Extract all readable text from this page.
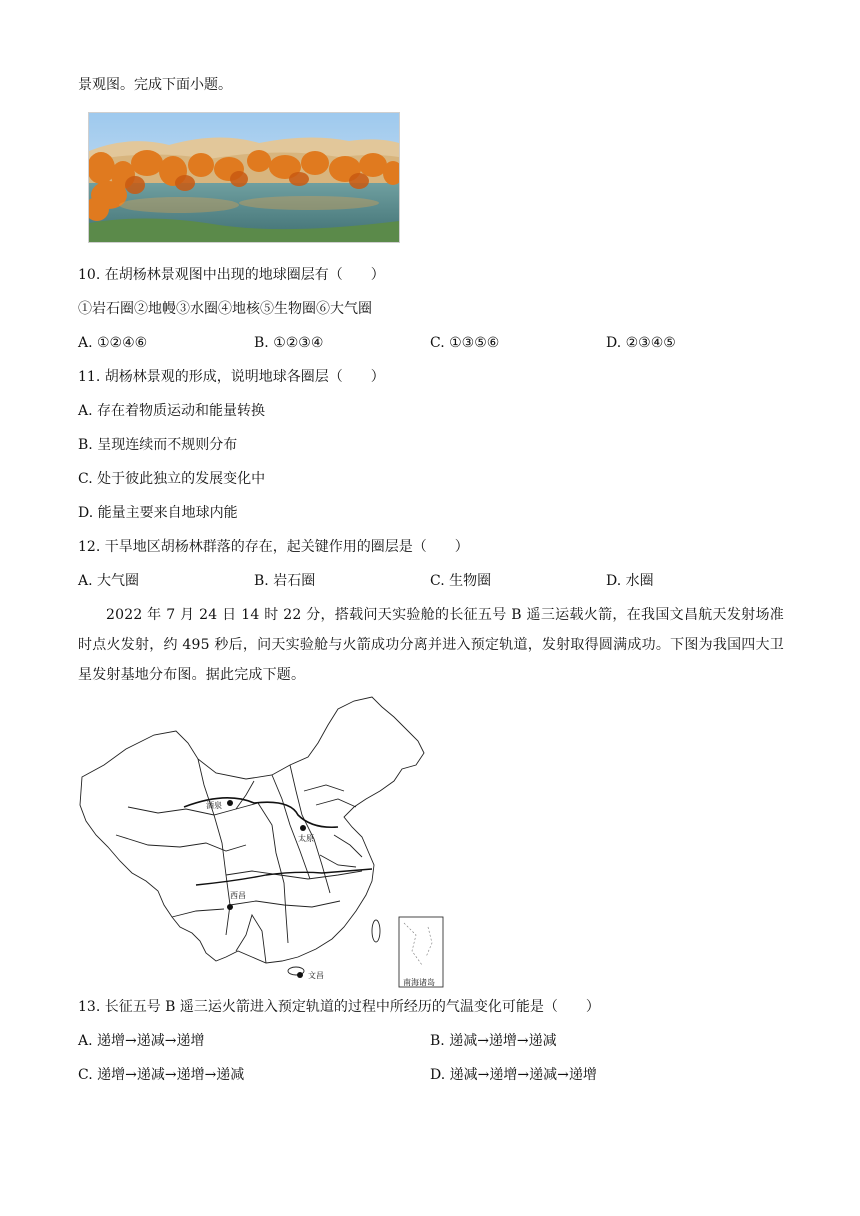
景观图。完成下面小题。
10. 在胡杨林景观图中出现的地球圈层有（　　）
①岩石圈②地幔③水圈④地核⑤生物圈⑥大气圈
A. ①②④⑥	B. ①②③④	C. ①③⑤⑥	D. ②③④⑤
11. 胡杨林景观的形成，说明地球各圈层（　　）
A. 存在着物质运动和能量转换
B. 呈现连续而不规则分布
C. 处于彼此独立的发展变化中
D. 能量主要来自地球内能
12. 干旱地区胡杨林群落的存在，起关键作用的圈层是（　　）
A. 大气圈	B. 岩石圈	C. 生物圈	D. 水圈
2022 年 7 月 24 日 14 时 22 分，搭载问天实验舱的长征五号 B 遥三运载火箭，在我国文昌航天发射场准时点火发射，约 495 秒后，问天实验舱与火箭成功分离并进入预定轨道，发射取得圆满成功。下图为我国四大卫星发射基地分布图。据此完成下题。
南海诸岛
酒泉
太原
西昌
文昌
13. 长征五号 B 遥三运火箭进入预定轨道的过程中所经历的气温变化可能是（　　）
A. 递增→递减→递增	B. 递减→递增→递减
C. 递增→递减→递增→递减	D. 递减→递增→递减→递增
